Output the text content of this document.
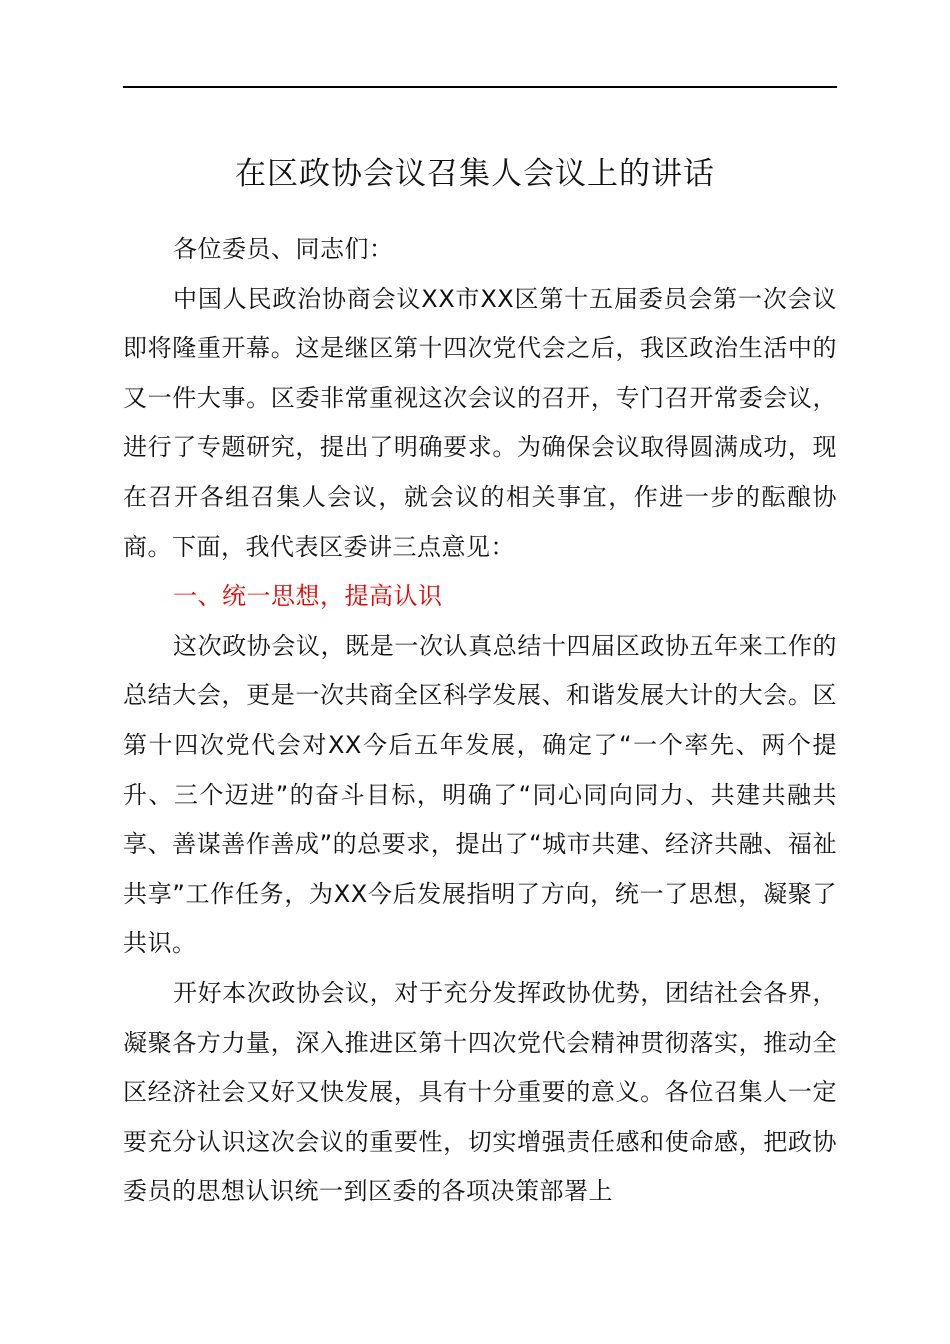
在区政协会议召集人会议上的讲话

各位委员、同志们：

中国人民政治协商会议XX市XX区第十五届委员会第一次会议即将隆重开幕。这是继区第十四次党代会之后，我区政治生活中的又一件大事。区委非常重视这次会议的召开，专门召开常委会议，进行了专题研究，提出了明确要求。为确保会议取得圆满成功，现在召开各组召集人会议，就会议的相关事宜，作进一步的酝酿协商。下面，我代表区委讲三点意见：

一、统一思想，提高认识

这次政协会议，既是一次认真总结十四届区政协五年来工作的总结大会，更是一次共商全区科学发展、和谐发展大计的大会。区第十四次党代会对XX今后五年发展，确定了“一个率先、两个提升、三个迈进”的奋斗目标，明确了“同心同向同力、共建共融共享、善谋善作善成”的总要求，提出了“城市共建、经济共融、福祉共享”工作任务，为XX今后发展指明了方向，统一了思想，凝聚了共识。

开好本次政协会议，对于充分发挥政协优势，团结社会各界，凝聚各方力量，深入推进区第十四次党代会精神贯彻落实，推动全区经济社会又好又快发展，具有十分重要的意义。各位召集人一定要充分认识这次会议的重要性，切实增强责任感和使命感，把政协委员的思想认识统一到区委的各项决策部署上
